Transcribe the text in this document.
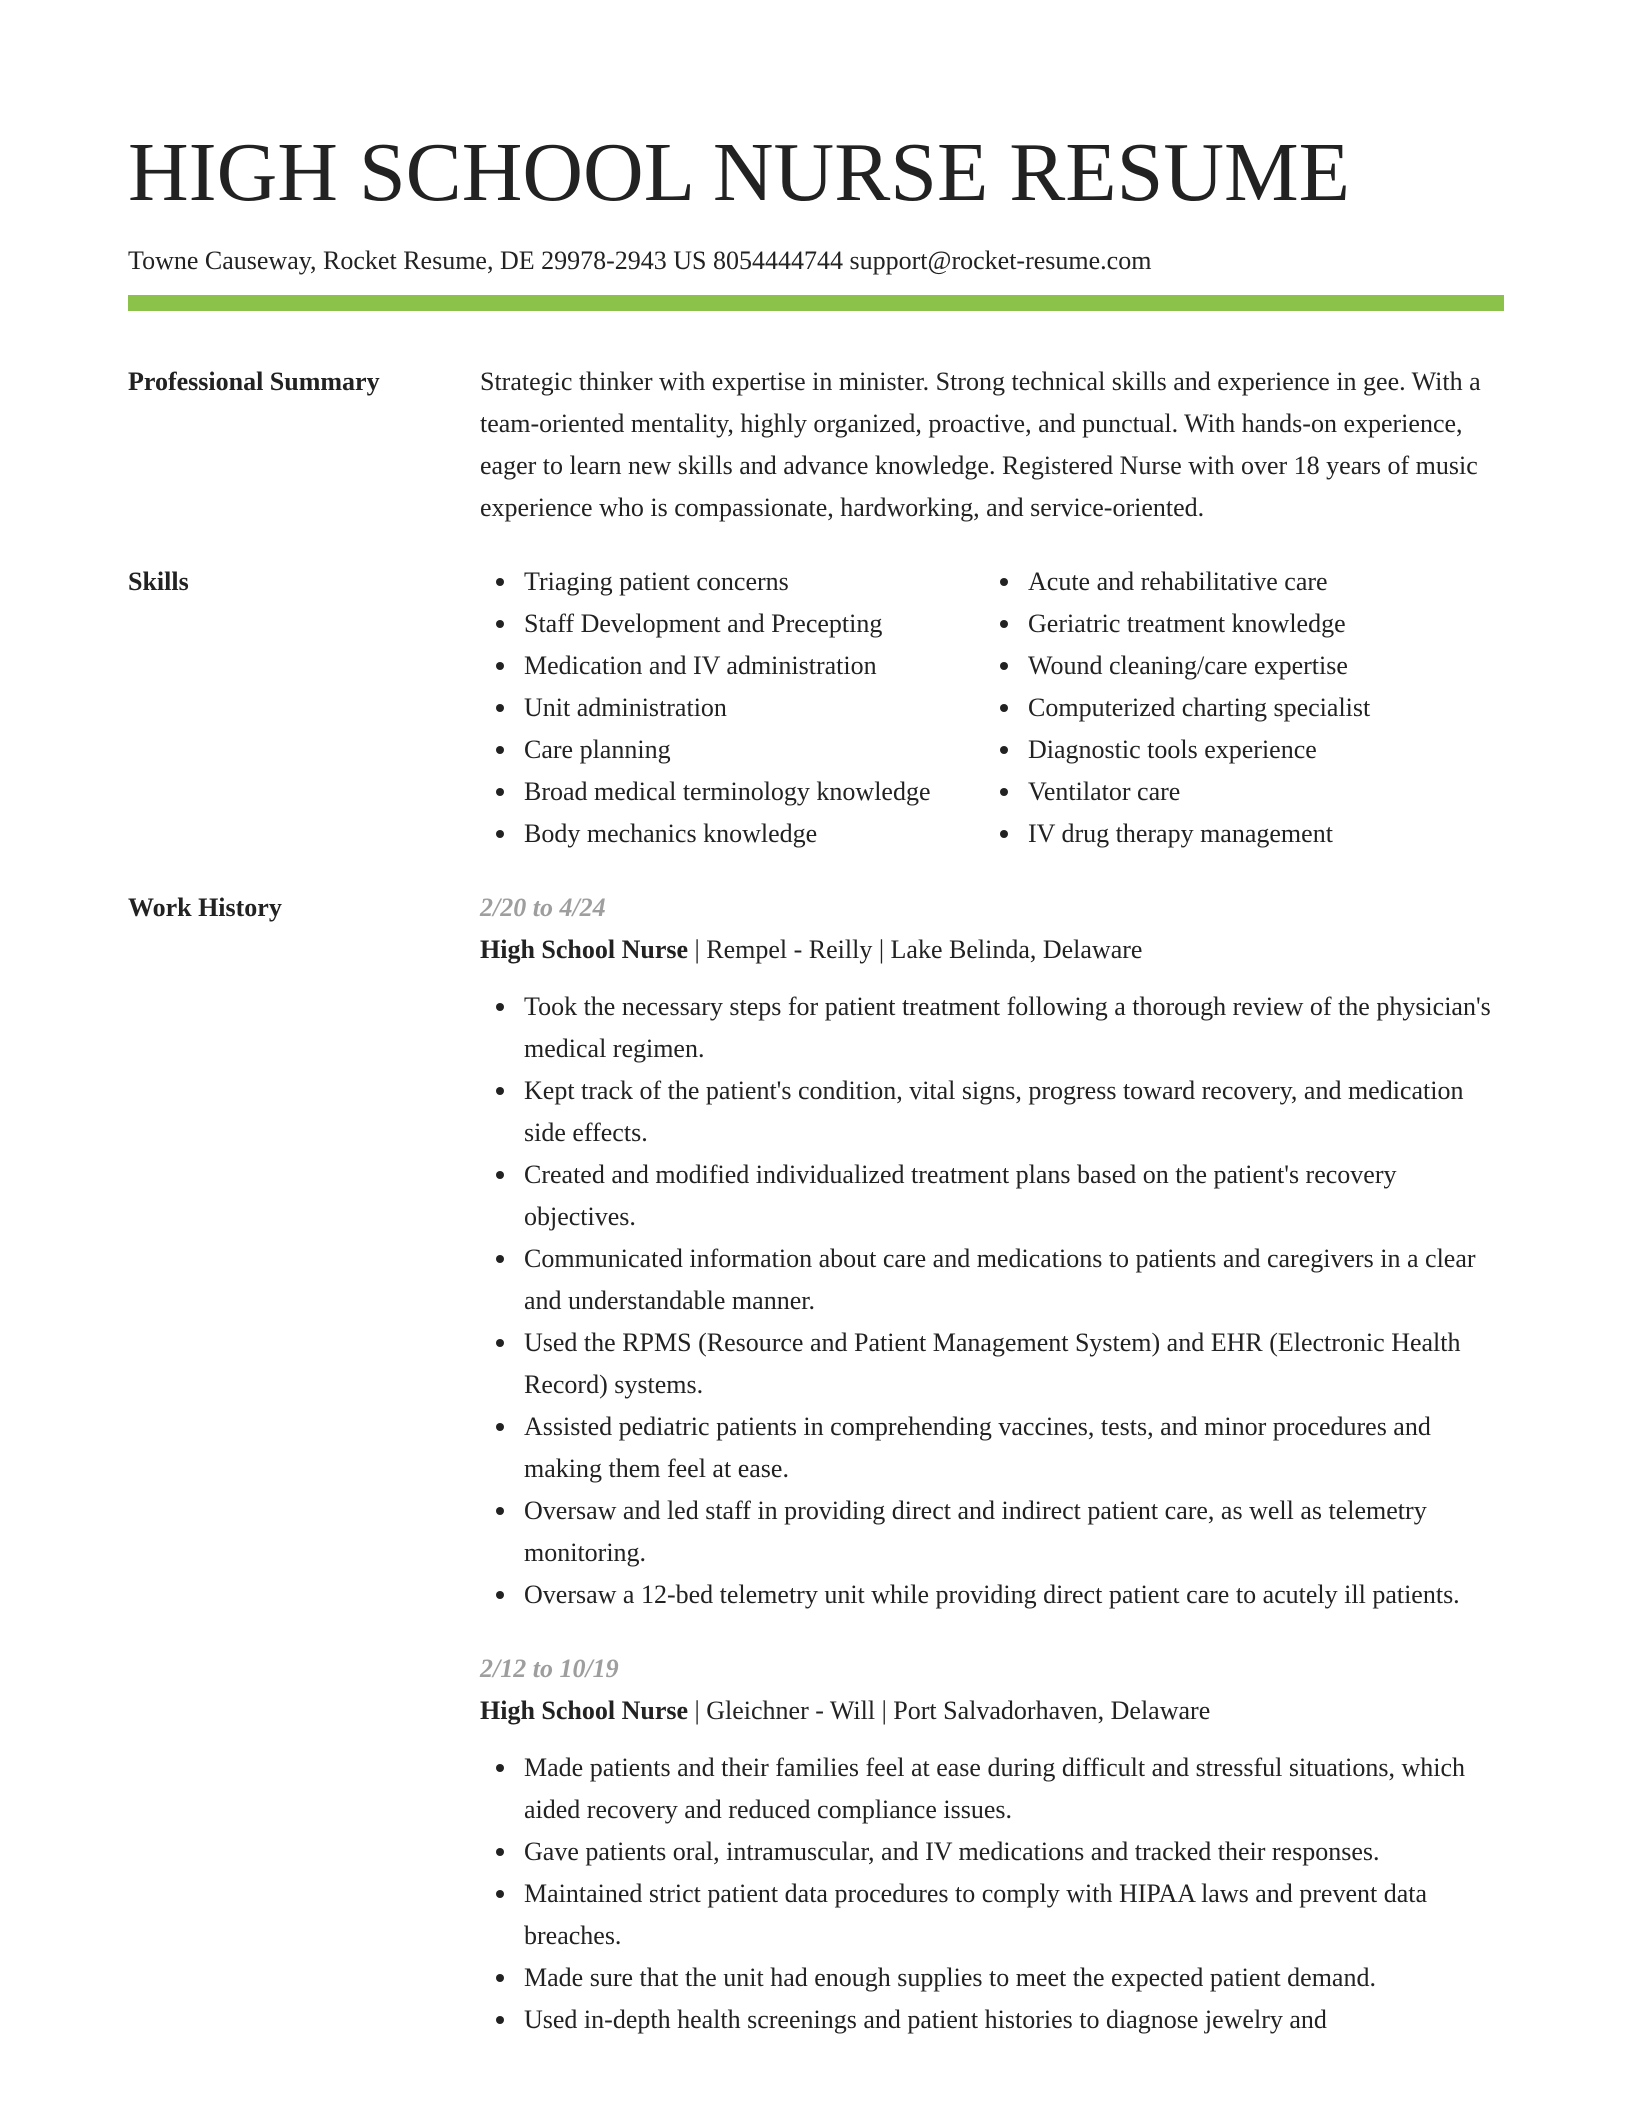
HIGH SCHOOL NURSE RESUME
Towne Causeway, Rocket Resume, DE 29978-2943 US 8054444744 support@rocket-resume.com
Professional Summary	Strategic thinker with expertise in minister. Strong technical skills and experience in gee. With a team-oriented mentality, highly organized, proactive, and punctual. With hands-on experience, eager to learn new skills and advance knowledge. Registered Nurse with over 18 years of music experience who is compassionate, hardworking, and service-oriented.

Skills	Triaging patient concerns
Staff Development and Precepting
Medication and IV administration
Unit administration
Care planning
Broad medical terminology knowledge
Body mechanics knowledge
Acute and rehabilitative care
Geriatric treatment knowledge
Wound cleaning/care expertise
Computerized charting specialist
Diagnostic tools experience
Ventilator care
IV drug therapy management
Work History	2/20 to 4/24
High School Nurse | Rempel - Reilly | Lake Belinda, Delaware
Took the necessary steps for patient treatment following a thorough review of the physician's medical regimen.
Kept track of the patient's condition, vital signs, progress toward recovery, and medication side effects.
Created and modified individualized treatment plans based on the patient's recovery objectives.
Communicated information about care and medications to patients and caregivers in a clear and understandable manner.
Used the RPMS (Resource and Patient Management System) and EHR (Electronic Health Record) systems.
Assisted pediatric patients in comprehending vaccines, tests, and minor procedures and making them feel at ease.
Oversaw and led staff in providing direct and indirect patient care, as well as telemetry monitoring.
Oversaw a 12-bed telemetry unit while providing direct patient care to acutely ill patients.
2/12 to 10/19
High School Nurse | Gleichner - Will | Port Salvadorhaven, Delaware
Made patients and their families feel at ease during difficult and stressful situations, which aided recovery and reduced compliance issues.
Gave patients oral, intramuscular, and IV medications and tracked their responses.
Maintained strict patient data procedures to comply with HIPAA laws and prevent data breaches.
Made sure that the unit had enough supplies to meet the expected patient demand.
Used in-depth health screenings and patient histories to diagnose jewelry and
